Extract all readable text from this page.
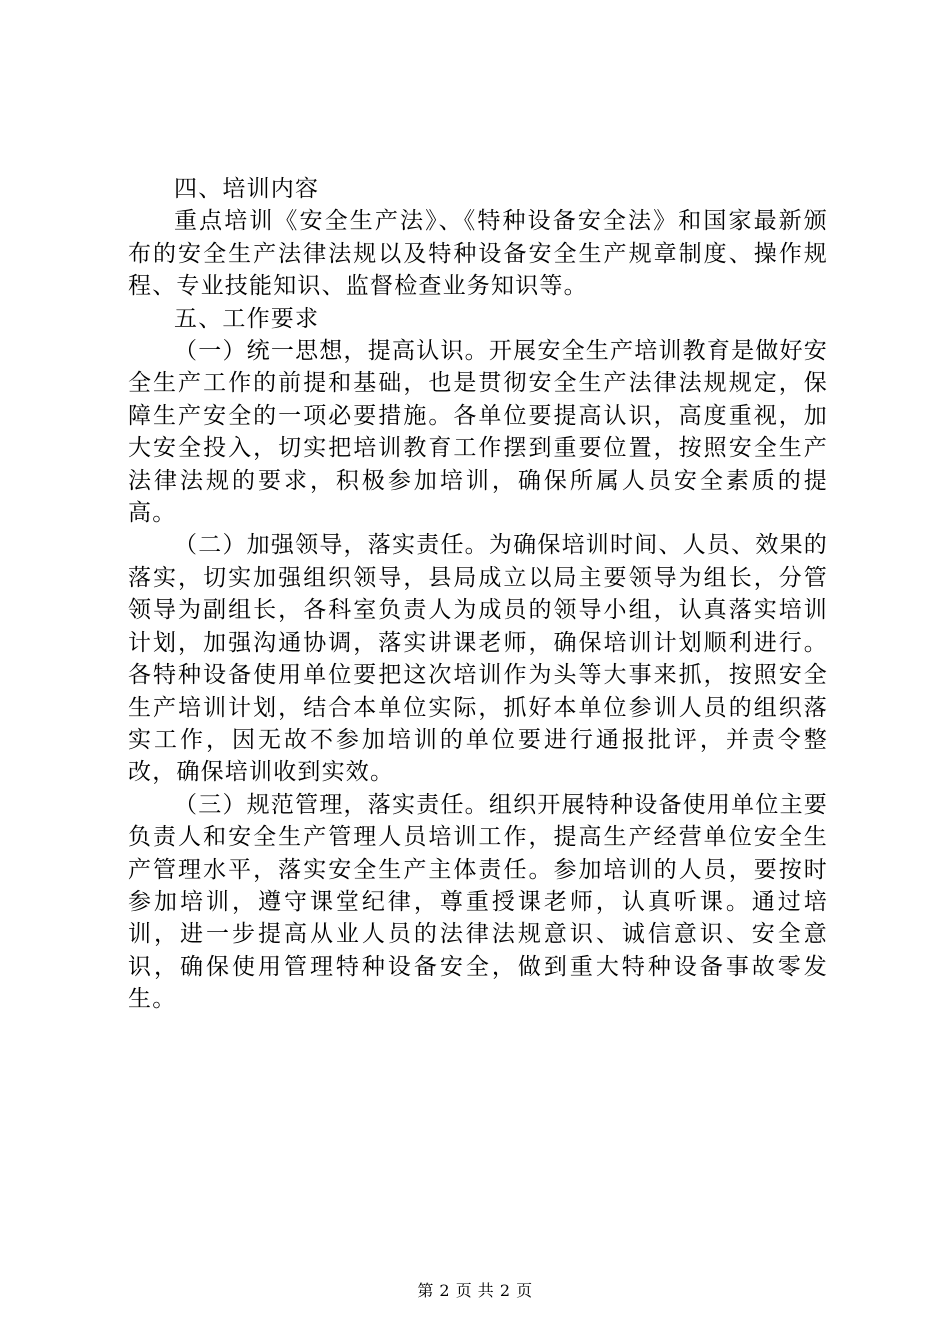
四、培训内容

重点培训《安全生产法》、《特种设备安全法》和国家最新颁布的安全生产法律法规以及特种设备安全生产规章制度、操作规程、专业技能知识、监督检查业务知识等。

五、工作要求

（一）统一思想，提高认识。开展安全生产培训教育是做好安全生产工作的前提和基础，也是贯彻安全生产法律法规规定，保障生产安全的一项必要措施。各单位要提高认识，高度重视，加大安全投入，切实把培训教育工作摆到重要位置，按照安全生产法律法规的要求，积极参加培训，确保所属人员安全素质的提高。

（二）加强领导，落实责任。为确保培训时间、人员、效果的落实，切实加强组织领导，县局成立以局主要领导为组长，分管领导为副组长，各科室负责人为成员的领导小组，认真落实培训计划，加强沟通协调，落实讲课老师，确保培训计划顺利进行。各特种设备使用单位要把这次培训作为头等大事来抓，按照安全生产培训计划，结合本单位实际，抓好本单位参训人员的组织落实工作，因无故不参加培训的单位要进行通报批评，并责令整改，确保培训收到实效。

（三）规范管理，落实责任。组织开展特种设备使用单位主要负责人和安全生产管理人员培训工作，提高生产经营单位安全生产管理水平，落实安全生产主体责任。参加培训的人员，要按时参加培训，遵守课堂纪律，尊重授课老师，认真听课。通过培训，进一步提高从业人员的法律法规意识、诚信意识、安全意识，确保使用管理特种设备安全，做到重大特种设备事故零发生。

第 2 页 共 2 页
